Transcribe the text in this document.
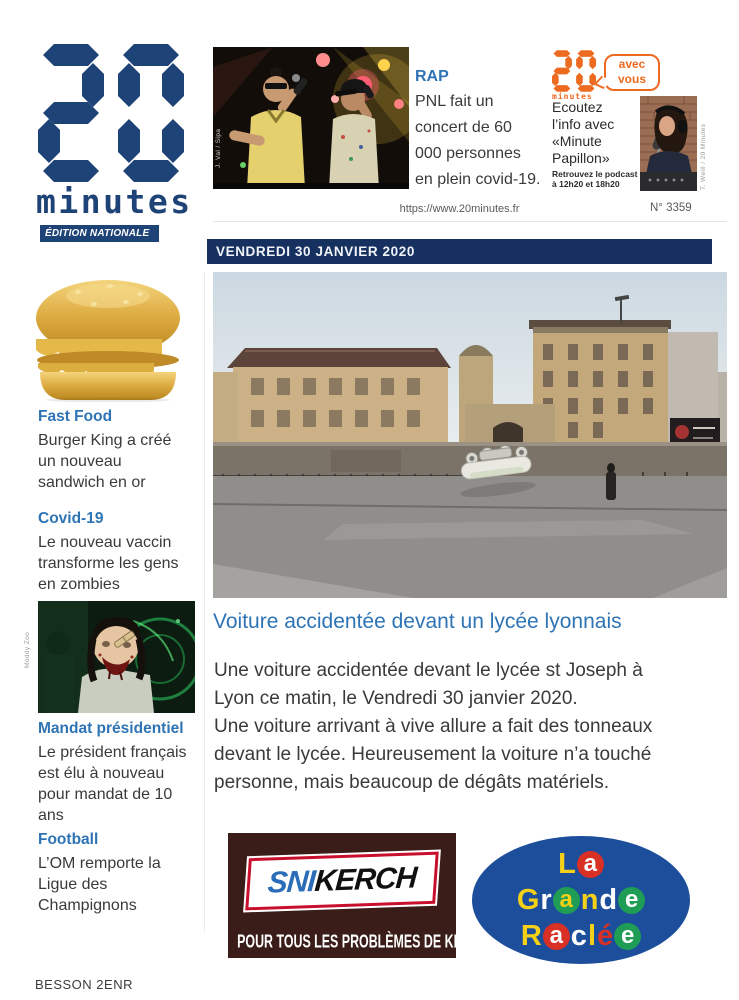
minutes
ÉDITION NATIONALE
J. Val / Sipa
RAP
PNL fait un
concert de 60
000 personnes
en plein covid-19.
minutes
avec
vous
Ecoutez
l’info avec
«Minute
Papillon»
Retrouvez le podcast
à 12h20 et 18h20	T. Weill / 20 Minutes
https://www.20minutes.fr	N° 3359
VENDREDI 30 JANVIER 2020
Fast Food
Burger King a créé
un nouveau
sandwich en or
Covid-19
Le nouveau vaccin
transforme les gens
en zombies
Moddy Zoo
Mandat présidentiel
Le président français
est élu à nouveau
pour mandat de 10
ans
Football
L’OM remporte la
Ligue des
Champignons
Voiture accidentée devant un lycée lyonnais
Une voiture accidentée devant le lycée st Joseph à
Lyon ce matin, le Vendredi 30 janvier 2020.
Une voiture arrivant à vive allure a fait des tonneaux
devant le lycée. Heureusement la voiture n’a touché
personne, mais beaucoup de dégâts matériels.
SNI
KERCH
POUR TOUS LES PROBLÈMES DE KERCH
L a
G r a n d e
R a c l é e
BESSON 2ENR
